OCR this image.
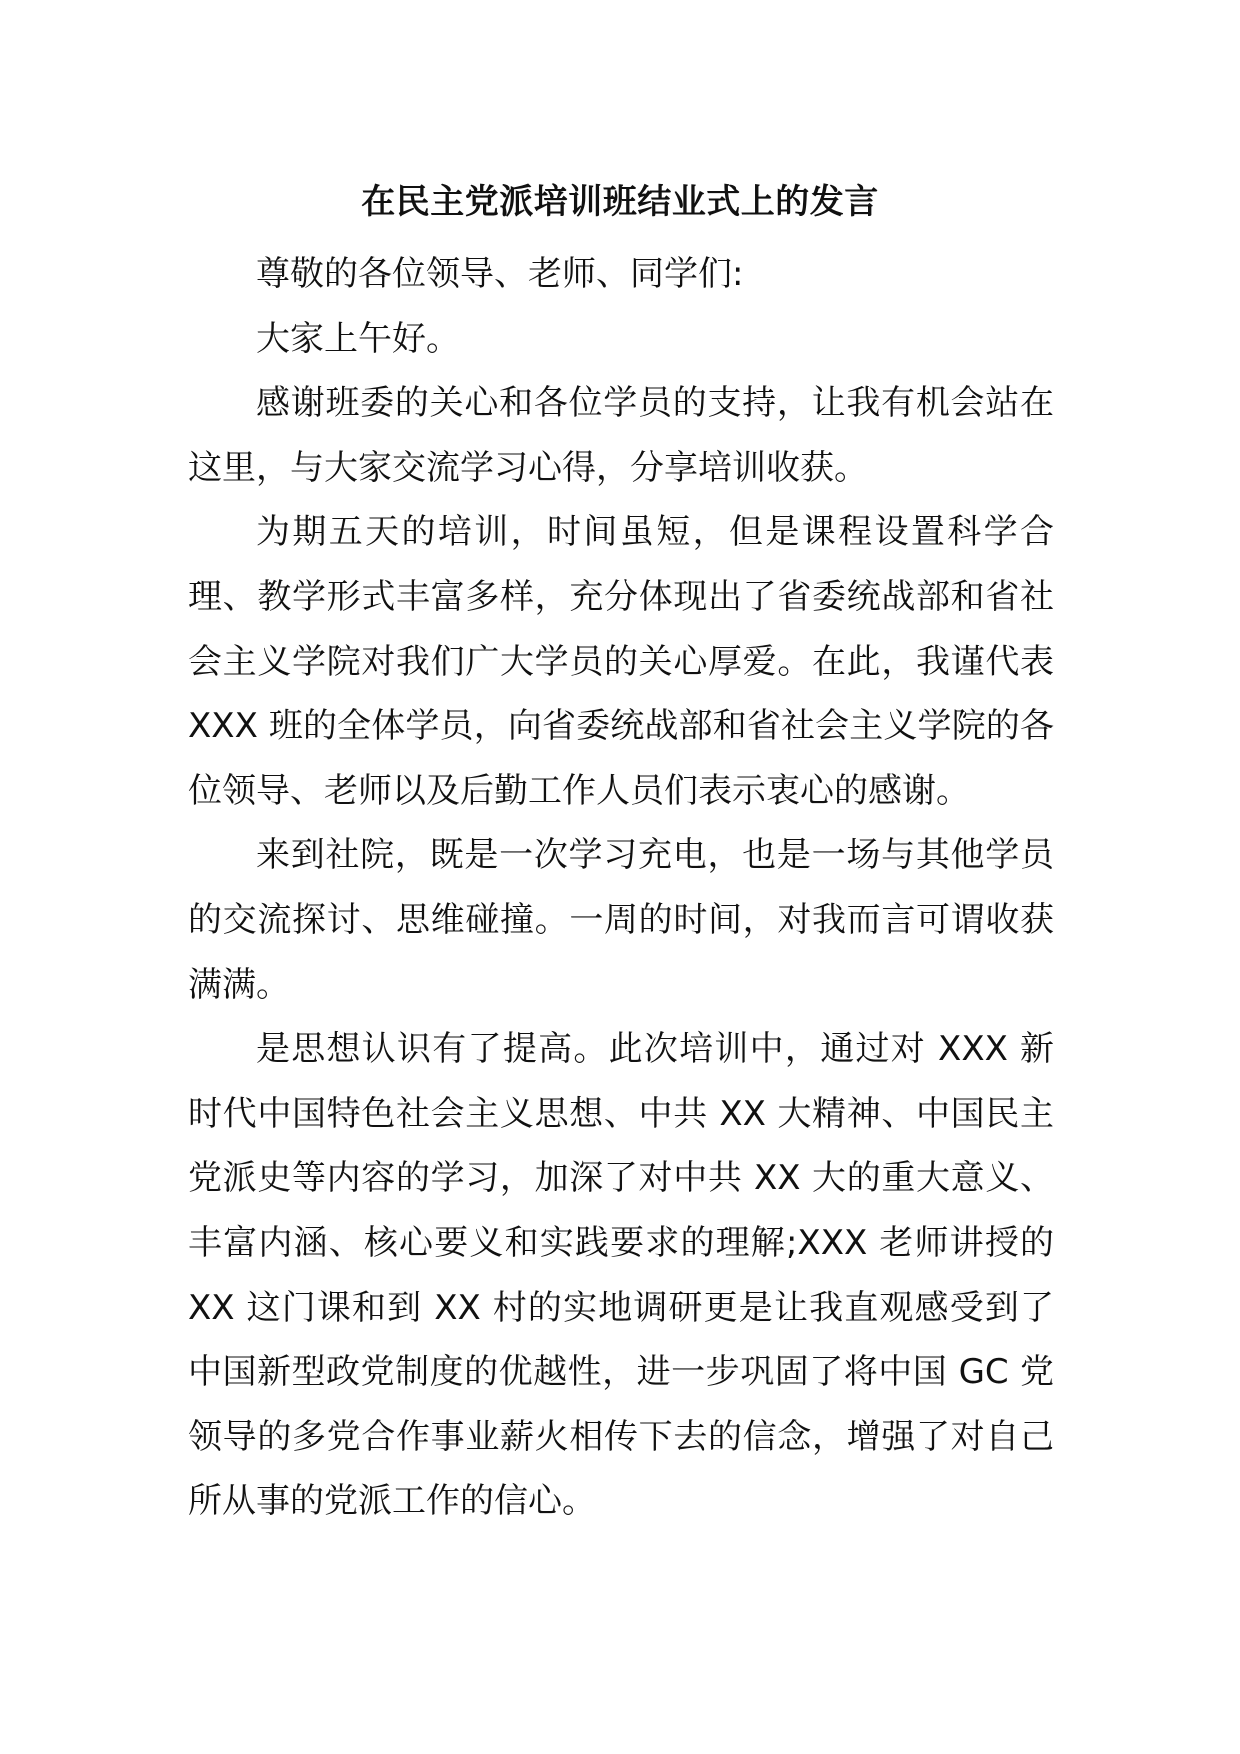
在民主党派培训班结业式上的发言

尊敬的各位领导、老师、同学们:

大家上午好。

感谢班委的关心和各位学员的支持，让我有机会站在这里，与大家交流学习心得，分享培训收获。

为期五天的培训，时间虽短，但是课程设置科学合理、教学形式丰富多样，充分体现出了省委统战部和省社会主义学院对我们广大学员的关心厚爱。在此，我谨代表 XXX 班的全体学员，向省委统战部和省社会主义学院的各位领导、老师以及后勤工作人员们表示衷心的感谢。

来到社院，既是一次学习充电，也是一场与其他学员的交流探讨、思维碰撞。一周的时间，对我而言可谓收获满满。

是思想认识有了提高。此次培训中，通过对 XXX 新时代中国特色社会主义思想、中共 XX 大精神、中国民主党派史等内容的学习，加深了对中共 XX 大的重大意义、丰富内涵、核心要义和实践要求的理解;XXX 老师讲授的 XX 这门课和到 XX 村的实地调研更是让我直观感受到了中国新型政党制度的优越性，进一步巩固了将中国 GC 党领导的多党合作事业薪火相传下去的信念，增强了对自己所从事的党派工作的信心。
